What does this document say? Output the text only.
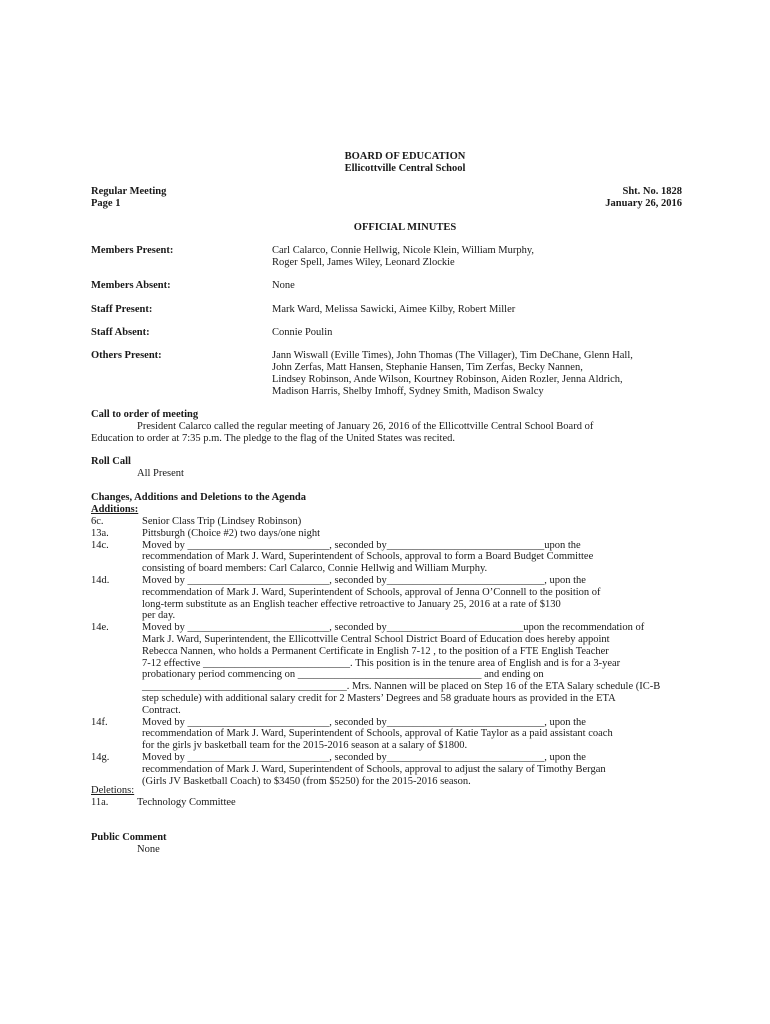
BOARD OF EDUCATION
Ellicottville Central School
Regular Meeting
Page 1
Sht. No. 1828
January 26, 2016
OFFICIAL MINUTES
Members Present:	Carl Calarco, Connie Hellwig, Nicole Klein, William Murphy,
Roger Spell, James Wiley, Leonard Zlockie
Members Absent:	None
Staff Present:	Mark Ward, Melissa Sawicki, Aimee Kilby, Robert Miller
Staff Absent:	Connie Poulin
Others Present:	Jann Wiswall (Eville Times), John Thomas (The Villager), Tim DeChane, Glenn Hall,
John Zerfas, Matt Hansen, Stephanie Hansen, Tim Zerfas, Becky Nannen,
Lindsey Robinson, Ande Wilson, Kourtney Robinson, Aiden Rozler, Jenna Aldrich,
Madison Harris, Shelby Imhoff, Sydney Smith, Madison Swalcy
Call to order of meeting
President Calarco called the regular meeting of January 26, 2016 of the Ellicottville Central School Board of
Education to order at 7:35 p.m. The pledge to the flag of the United States was recited.
Roll Call
All Present
Changes, Additions and Deletions to the Agenda
Additions:
6c.	Senior Class Trip (Lindsey Robinson)
13a.	Pittsburgh (Choice #2) two days/one night
14c.	Moved by ___________________________, seconded by______________________________upon the
recommendation of Mark J. Ward, Superintendent of Schools, approval to form a Board Budget Committee
consisting of board members: Carl Calarco, Connie Hellwig and William Murphy.
14d.	Moved by ___________________________, seconded by______________________________, upon the
recommendation of Mark J. Ward, Superintendent of Schools, approval of Jenna O’Connell to the position of
long-term substitute as an English teacher effective retroactive to January 25, 2016 at a rate of $130
per day.
14e.	Moved by ___________________________, seconded by__________________________upon the recommendation of
Mark J. Ward, Superintendent, the Ellicottville Central School District Board of Education does hereby appoint
Rebecca Nannen, who holds a Permanent Certificate in English 7-12 , to the position of a FTE English Teacher
7-12 effective ____________________________. This position is in the tenure area of English and is for a 3-year
probationary period commencing on ___________________________________ and ending on
_______________________________________. Mrs. Nannen will be placed on Step 16 of the ETA Salary schedule (IC-B
step schedule) with additional salary credit for 2 Masters’ Degrees and 58 graduate hours as provided in the ETA
Contract.
14f.	Moved by ___________________________, seconded by______________________________, upon the
recommendation of Mark J. Ward, Superintendent of Schools, approval of Katie Taylor as a paid assistant coach
for the girls jv basketball team for the 2015-2016 season at a salary of $1800.
14g.	Moved by ___________________________, seconded by______________________________, upon the
recommendation of Mark J. Ward, Superintendent of Schools, approval to adjust the salary of Timothy Bergan
(Girls JV Basketball Coach) to $3450 (from $5250) for the 2015-2016 season.
Deletions:
11a.	Technology Committee
Public Comment
None
